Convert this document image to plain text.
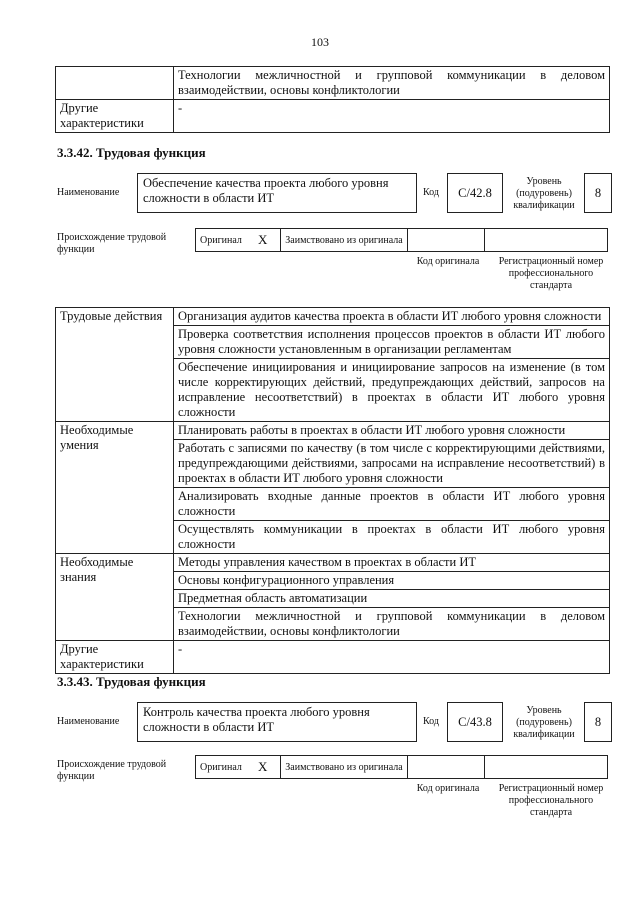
103
	Технологии межличностной и групповой коммуникации в деловом взаимодействии, основы конфликтологии
Другие характеристики	-
3.3.42. Трудовая функция
Наименование
Обеспечение качества проекта любого уровня сложности в области ИТ	Код	C/42.8
Уровень (подуровень) квалификации
8
Происхождение трудовой функции
Оригинал	X	Заимствовано из оригинала		
Код оригинала	Регистрационный номер профессионального стандарта
Трудовые действия	Организация аудитов качества проекта в области ИТ любого уровня сложности
	Проверка соответствия исполнения процессов проектов в области ИТ любого уровня сложности установленным в организации регламентам
	Обеспечение инициирования и инициирование запросов на изменение (в том числе корректирующих действий, предупреждающих действий, запросов на исправление несоответствий) в проектах в области ИТ любого уровня сложности
Необходимые умения	Планировать работы в проектах в области ИТ любого уровня сложности
	Работать с записями по качеству (в том числе с корректирующими действиями, предупреждающими действиями, запросами на исправление несоответствий) в проектах в области ИТ любого уровня сложности
	Анализировать входные данные проектов в области ИТ любого уровня сложности
	Осуществлять коммуникации в проектах в области ИТ любого уровня сложности
Необходимые знания	Методы управления качеством в проектах в области ИТ
	Основы конфигурационного управления
	Предметная область автоматизации
	Технологии межличностной и групповой коммуникации в деловом взаимодействии, основы конфликтологии
Другие характеристики	-
3.3.43. Трудовая функция
Наименование
Контроль качества проекта любого уровня сложности в области ИТ	Код	C/43.8
Уровень (подуровень) квалификации
8
Происхождение трудовой функции
Оригинал	X	Заимствовано из оригинала		
Код оригинала	Регистрационный номер профессионального стандарта
